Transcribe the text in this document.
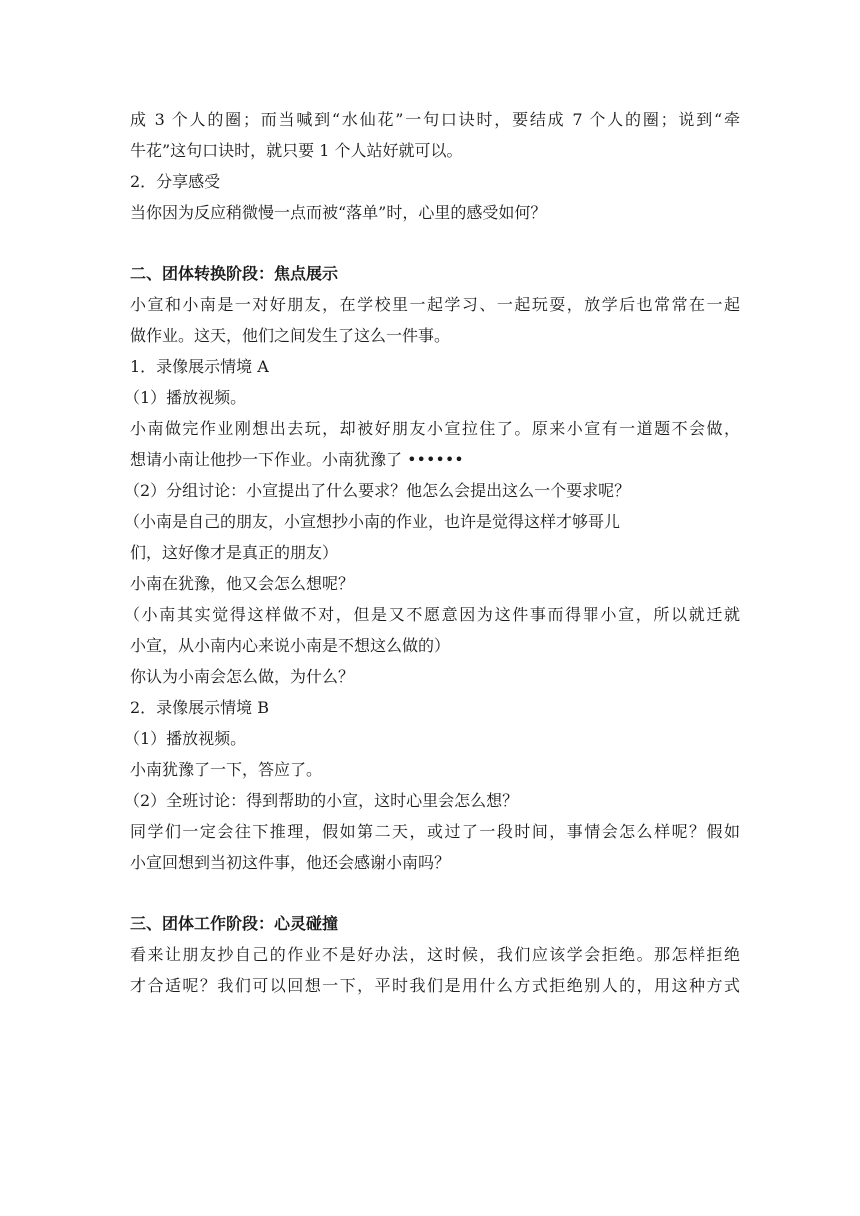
成 3 个人的圈；而当喊到“水仙花”一句口诀时，要结成 7 个人的圈；说到“牵
牛花”这句口诀时，就只要 1 个人站好就可以。
2．分享感受
当你因为反应稍微慢一点而被“落单”时，心里的感受如何？
二、团体转换阶段：焦点展示
小宣和小南是一对好朋友，在学校里一起学习、一起玩耍，放学后也常常在一起
做作业。这天，他们之间发生了这么一件事。
1．录像展示情境 A
（1）播放视频。
小南做完作业刚想出去玩，却被好朋友小宣拉住了。原来小宣有一道题不会做，
想请小南让他抄一下作业。小南犹豫了 ••••••
（2）分组讨论：小宣提出了什么要求？他怎么会提出这么一个要求呢？
（小南是自己的朋友，小宣想抄小南的作业，也许是觉得这样才够哥儿
们，这好像才是真正的朋友）
小南在犹豫，他又会怎么想呢？
（小南其实觉得这样做不对，但是又不愿意因为这件事而得罪小宣，所以就迁就
小宣，从小南内心来说小南是不想这么做的）
你认为小南会怎么做，为什么？
2．录像展示情境 B
（1）播放视频。
小南犹豫了一下，答应了。
（2）全班讨论：得到帮助的小宣，这时心里会怎么想？
同学们一定会往下推理，假如第二天，或过了一段时间，事情会怎么样呢？假如
小宣回想到当初这件事，他还会感谢小南吗？
三、团体工作阶段：心灵碰撞
看来让朋友抄自己的作业不是好办法，这时候，我们应该学会拒绝。那怎样拒绝
才合适呢？我们可以回想一下，平时我们是用什么方式拒绝别人的，用这种方式
